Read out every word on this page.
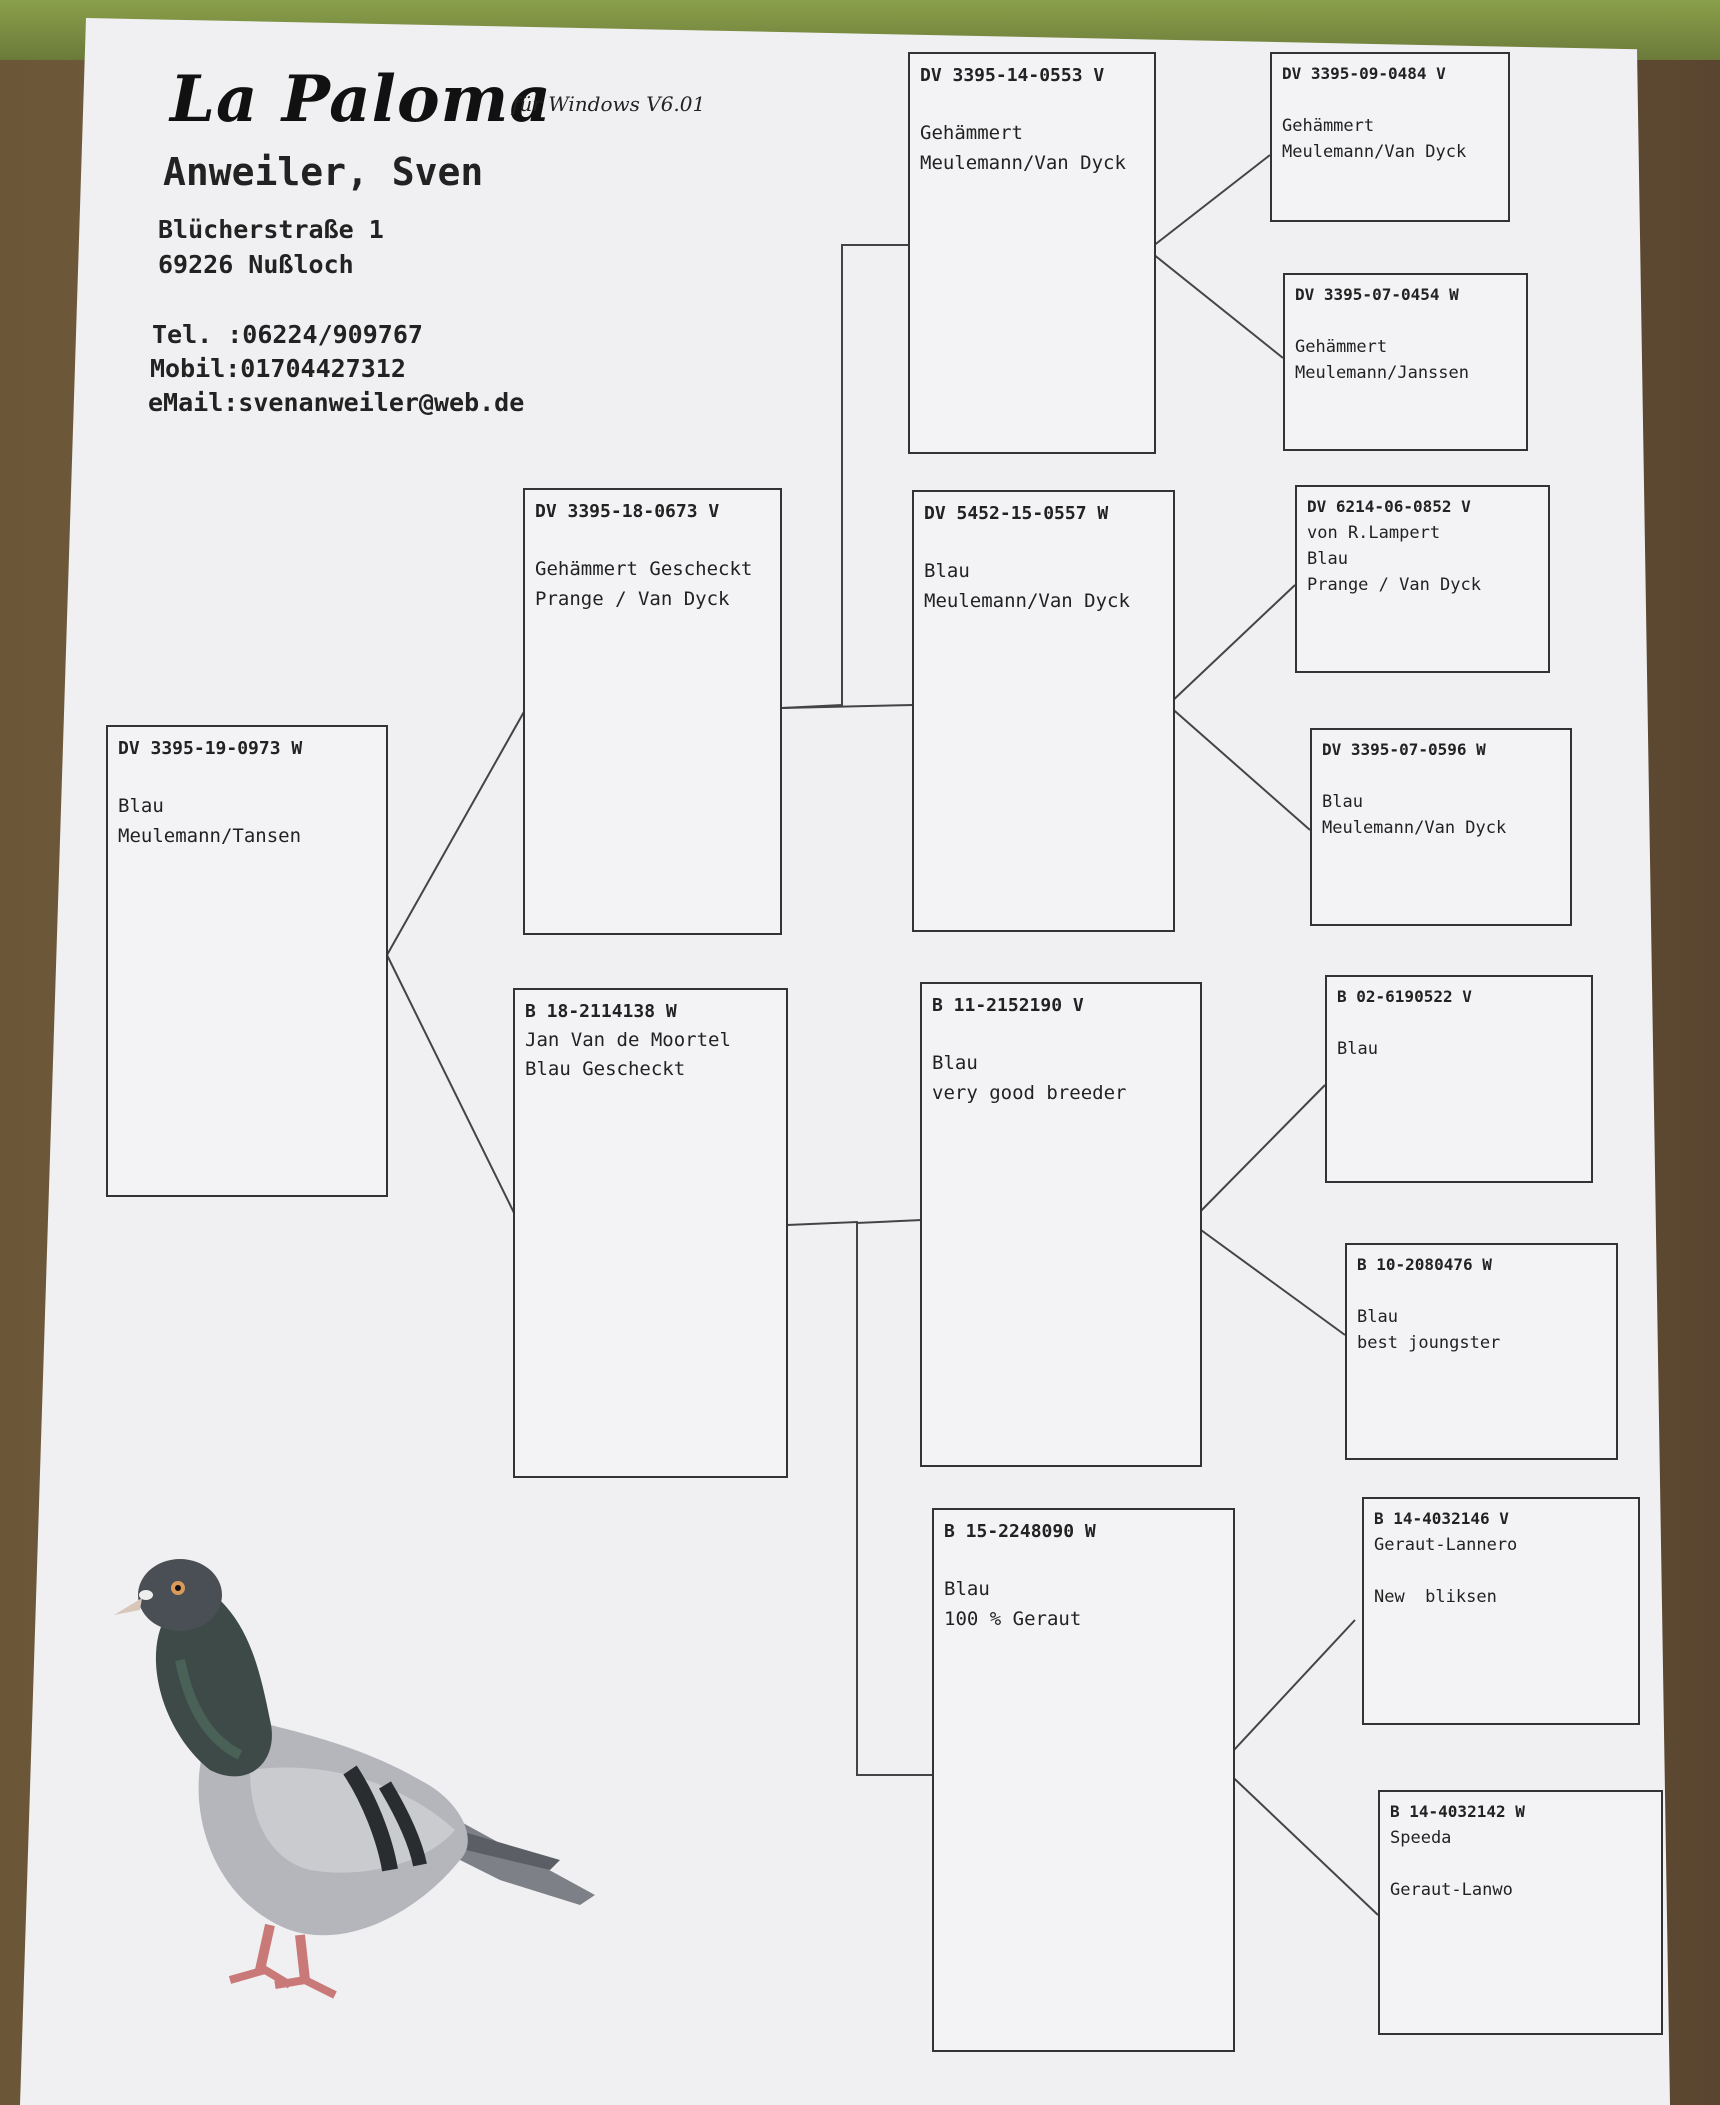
La Paloma
für Windows V6.01
Anweiler, Sven
Blücherstraße 1
69226 Nußloch
Tel. :06224/909767
Mobil:01704427312
eMail:svenanweiler@web.de
DV 3395-19-0973 W

Blau
Meulemann/Tansen
DV 3395-18-0673 V

Gehämmert Gescheckt
Prange / Van Dyck
B 18-2114138 W
Jan Van de Moortel
Blau Gescheckt
DV 3395-14-0553 V

Gehämmert
Meulemann/Van Dyck
DV 5452-15-0557 W

Blau
Meulemann/Van Dyck
B 11-2152190 V

Blau
very good breeder
B 15-2248090 W

Blau
100 % Geraut
DV 3395-09-0484 V

Gehämmert
Meulemann/Van Dyck
DV 3395-07-0454 W

Gehämmert
Meulemann/Janssen
DV 6214-06-0852 V
von R.Lampert
Blau
Prange / Van Dyck
DV 3395-07-0596 W

Blau
Meulemann/Van Dyck
B 02-6190522 V

Blau

B 10-2080476 W

Blau
best joungster
B 14-4032146 V
Geraut-Lannero

New  bliksen
B 14-4032142 W
Speeda

Geraut-Lanwo
